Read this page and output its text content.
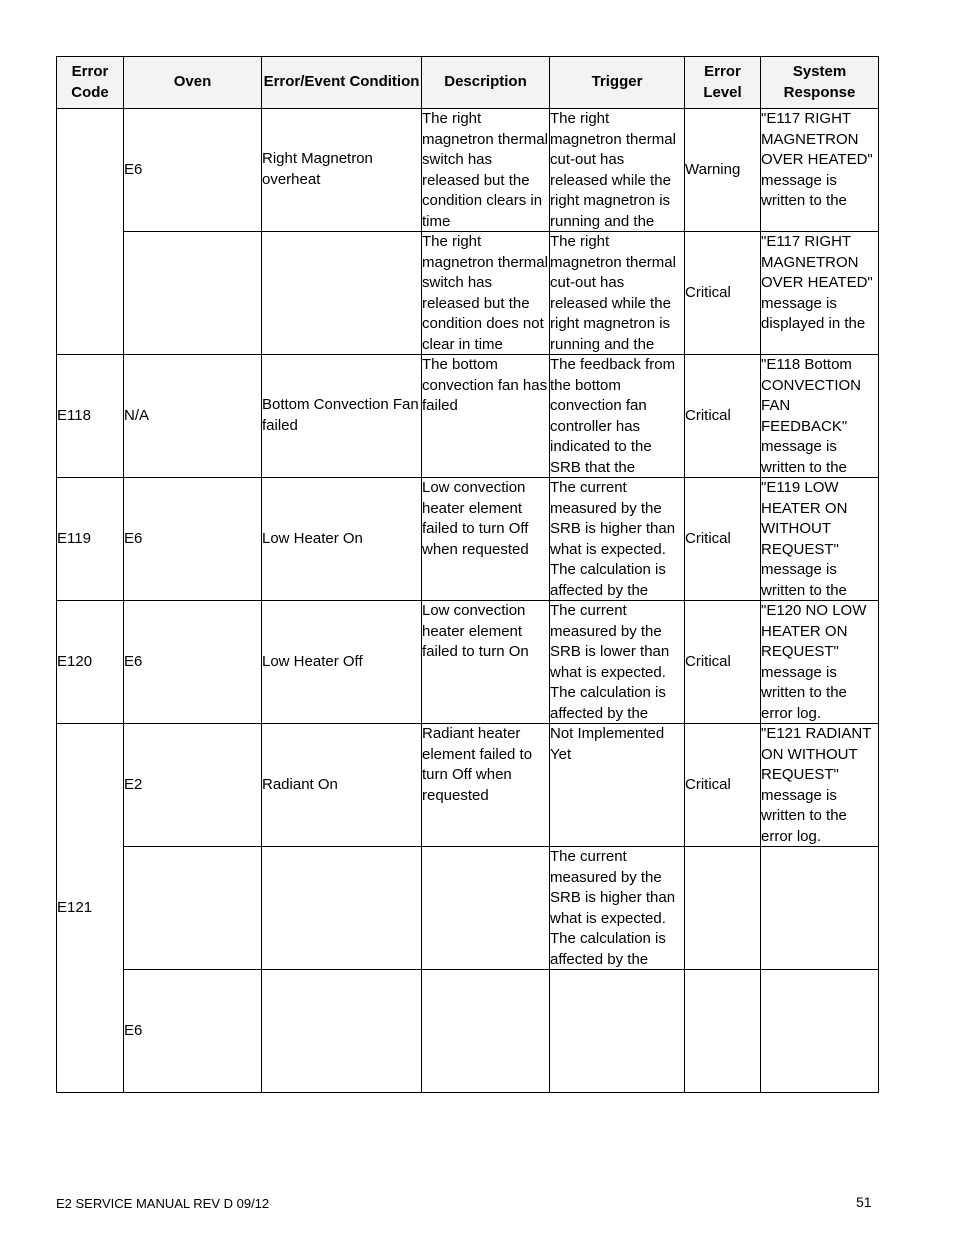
Error Code	Oven	Error/Event Condition	Description	Trigger	Error Level	System Response

	E6	Right Magnetron overheat	The right magnetron thermal switch has released but the condition clears in time	The right magnetron thermal cut-out has released while the right magnetron is running and the	Warning	"E117 RIGHT MAGNETRON OVER HEATED" message is written to the

			The right magnetron thermal switch has released but the condition does not clear in time	The right magnetron thermal cut-out has released while the right magnetron is running and the	Critical	"E117 RIGHT MAGNETRON OVER HEATED" message is displayed in the

E118	N/A	Bottom Convection Fan failed	The bottom convection fan has failed	The feedback from the bottom convection fan controller has indicated to the SRB that the	Critical	"E118 Bottom CONVECTION FAN FEEDBACK" message is written to the

E119	E6	Low Heater On	Low convection heater element failed to turn Off when requested	The current measured by the SRB is higher than what is expected. The calculation is affected by the	Critical	"E119 LOW HEATER ON WITHOUT REQUEST" message is written to the

E120	E6	Low Heater Off	Low convection heater element failed to turn On	The current measured by the SRB is lower than what is expected. The calculation is affected by the	Critical	"E120 NO LOW HEATER ON REQUEST" message is written to the error log.

E121	E2	Radiant On	Radiant heater element failed to turn Off when requested	Not Implemented Yet	Critical	"E121 RADIANT ON WITHOUT REQUEST" message is written to the error log.

				The current measured by the SRB is higher than what is expected. The calculation is affected by the		

	E6					

E2 SERVICE MANUAL REV D 09/12	51
